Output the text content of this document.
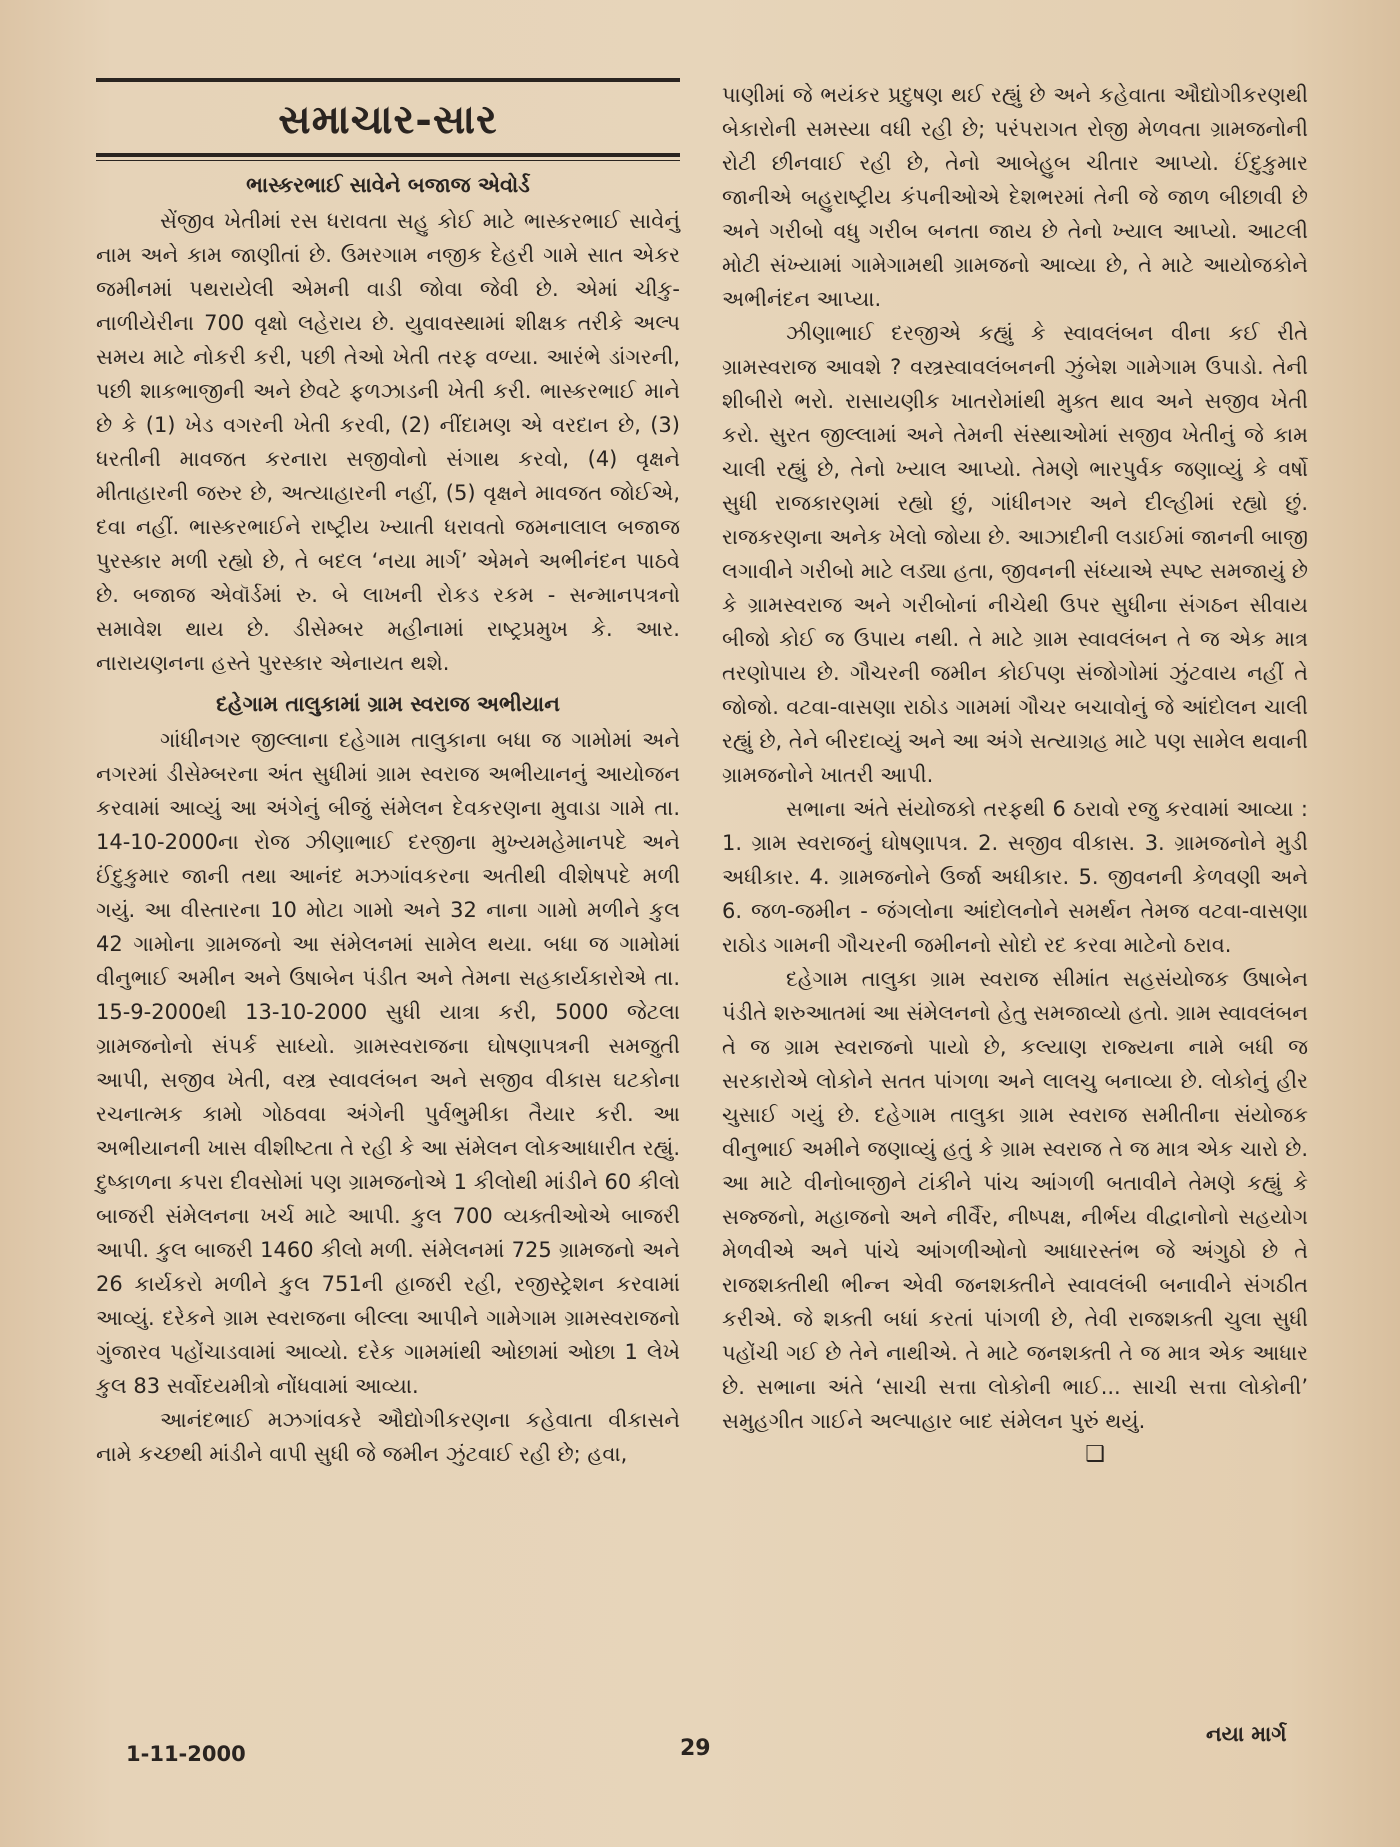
સમાચાર-સાર
ભાસ્કરભાઈ સાવેને બજાજ એવોર્ડ

સેંજીવ ખેતીમાં રસ ધરાવતા સહુ કોઈ માટે ભાસ્કરભાઈ સાવેનું નામ અને કામ જાણીતાં છે. ઉમરગામ નજીક દેહરી ગામે સાત એકર જમીનમાં પથરાયેલી એમની વાડી જોવા જેવી છે. એમાં ચીકુ-નાળીયેરીના 700 વૃક્ષો લહેરાય છે. યુવાવસ્થામાં શીક્ષક તરીકે અલ્પ સમય માટે નોકરી કરી, પછી તેઓ ખેતી તરફ વળ્યા. આરંભે ડાંગરની, પછી શાકભાજીની અને છેવટે ફળઝાડની ખેતી કરી. ભાસ્કરભાઈ માને છે કે (1) ખેડ વગરની ખેતી કરવી, (2) નીંદામણ એ વરદાન છે, (3) ધરતીની માવજત કરનારા સજીવોનો સંગાથ કરવો, (4) વૃક્ષને મીતાહારની જરુર છે, અત્યાહારની નહીં, (5) વૃક્ષને માવજત જોઈએ, દવા નહીં. ભાસ્કરભાઈને રાષ્ટ્રીય ખ્યાતી ધરાવતો જમનાલાલ બજાજ પુરસ્કાર મળી રહ્યો છે, તે બદલ ‘નયા માર્ગ’ એમને અભીનંદન પાઠવે છે. બજાજ એવૉર્ડમાં રુ. બે લાખની રોકડ રકમ - સન્માનપત્રનો સમાવેશ થાય છે. ડીસેમ્બર મહીનામાં રાષ્ટ્રપ્રમુખ કે. આર. નારાયણનના હસ્તે પુરસ્કાર એનાયત થશે.

દહેગામ તાલુકામાં ગ્રામ સ્વરાજ અભીયાન

ગાંધીનગર જીલ્લાના દહેગામ તાલુકાના બધા જ ગામોમાં અને નગરમાં ડીસેમ્બરના અંત સુધીમાં ગ્રામ સ્વરાજ અભીયાનનું આયોજન કરવામાં આવ્યું આ અંગેનું બીજું સંમેલન દેવકરણના મુવાડા ગામે તા. 14-10-2000ના રોજ ઝીણાભાઈ દરજીના મુખ્યમહેમાનપદે અને ઈંદુકુમાર જાની તથા આનંદ મઝગાંવકરના અતીથી વીશેષપદે મળી ગયું. આ વીસ્તારના 10 મોટા ગામો અને 32 નાના ગામો મળીને કુલ 42 ગામોના ગ્રામજનો આ સંમેલનમાં સામેલ થયા. બધા જ ગામોમાં વીનુભાઈ અમીન અને ઉષાબેન પંડીત અને તેમના સહકાર્યકારોએ તા. 15-9-2000થી 13-10-2000 સુધી યાત્રા કરી, 5000 જેટલા ગ્રામજનોનો સંપર્ક સાધ્યો. ગ્રામસ્વરાજના ઘોષણાપત્રની સમજુતી આપી, સજીવ ખેતી, વસ્ત્ર સ્વાવલંબન અને સજીવ વીકાસ ઘટકોના રચનાત્મક કામો ગોઠવવા અંગેની પુર્વભુમીકા તૈયાર કરી. આ અભીયાનની ખાસ વીશીષ્ટતા તે રહી કે આ સંમેલન લોકઆધારીત રહ્યું. દુષ્કાળના કપરા દીવસોમાં પણ ગ્રામજનોએ 1 કીલોથી માંડીને 60 કીલો બાજરી સંમેલનના ખર્ચ માટે આપી. કુલ 700 વ્યક્તીઓએ બાજરી આપી. કુલ બાજરી 1460 કીલો મળી. સંમેલનમાં 725 ગ્રામજનો અને 26 કાર્યકરો મળીને કુલ 751ની હાજરી રહી, રજીસ્ટ્રેશન કરવામાં આવ્યું. દરેકને ગ્રામ સ્વરાજના બીલ્લા આપીને ગામેગામ ગ્રામસ્વરાજનો ગુંજારવ પહોંચાડવામાં આવ્યો. દરેક ગામમાંથી ઓછામાં ઓછા 1 લેખે કુલ 83 સર્વોદયમીત્રો નોંધવામાં આવ્યા.

આનંદભાઈ મઝગાંવકરે ઔદ્યોગીકરણના કહેવાતા વીકાસને નામે કચ્છથી માંડીને વાપી સુધી જે જમીન ઝુંટવાઈ રહી છે; હવા,

પાણીમાં જે ભયંકર પ્રદુષણ થઈ રહ્યું છે અને કહેવાતા ઔદ્યોગીકરણથી બેકારોની સમસ્યા વધી રહી છે; પરંપરાગત રોજી મેળવતા ગ્રામજનોની રોટી છીનવાઈ રહી છે, તેનો આબેહુબ ચીતાર આપ્યો. ઈંદુકુમાર જાનીએ બહુરાષ્ટ્રીય કંપનીઓએ દેશભરમાં તેની જે જાળ બીછાવી છે અને ગરીબો વધુ ગરીબ બનતા જાય છે તેનો ખ્યાલ આપ્યો. આટલી મોટી સંખ્યામાં ગામેગામથી ગ્રામજનો આવ્યા છે, તે માટે આયોજકોને અભીનંદન આપ્યા.

ઝીણાભાઈ દરજીએ કહ્યું કે સ્વાવલંબન વીના કઈ રીતે ગ્રામસ્વરાજ આવશે ? વસ્ત્રસ્વાવલંબનની ઝુંબેશ ગામેગામ ઉપાડો. તેની શીબીરો ભરો. રાસાયણીક ખાતરોમાંથી મુક્ત થાવ અને સજીવ ખેતી કરો. સુરત જીલ્લામાં અને તેમની સંસ્થાઓમાં સજીવ ખેતીનું જે કામ ચાલી રહ્યું છે, તેનો ખ્યાલ આપ્યો. તેમણે ભારપુર્વક જણાવ્યું કે વર્ષો સુધી રાજકારણમાં રહ્યો છું, ગાંધીનગર અને દીલ્હીમાં રહ્યો છું. રાજકરણના અનેક ખેલો જોયા છે. આઝાદીની લડાઈમાં જાનની બાજી લગાવીને ગરીબો માટે લડ્યા હતા, જીવનની સંધ્યાએ સ્પષ્ટ સમજાયું છે કે ગ્રામસ્વરાજ અને ગરીબોનાં નીચેથી ઉપર સુધીના સંગઠન સીવાય બીજો કોઈ જ ઉપાય નથી. તે માટે ગ્રામ સ્વાવલંબન તે જ એક માત્ર તરણોપાય છે. ગૌચરની જમીન કોઈપણ સંજોગોમાં ઝુંટવાય નહીં તે જોજો. વટવા-વાસણા રાઠોડ ગામમાં ગૌચર બચાવોનું જે આંદોલન ચાલી રહ્યું છે, તેને બીરદાવ્યું અને આ અંગે સત્યાગ્રહ માટે પણ સામેલ થવાની ગ્રામજનોને ખાતરી આપી.

સભાના અંતે સંયોજકો તરફથી 6 ઠરાવો રજુ કરવામાં આવ્યા : 1. ગ્રામ સ્વરાજનું ઘોષણાપત્ર. 2. સજીવ વીકાસ. 3. ગ્રામજનોને મુડી અધીકાર. 4. ગ્રામજનોને ઉર્જા અધીકાર. 5. જીવનની કેળવણી અને 6. જળ-જમીન - જંગલોના આંદોલનોને સમર્થન તેમજ વટવા-વાસણા રાઠોડ ગામની ગૌચરની જમીનનો સોદો રદ કરવા માટેનો ઠરાવ.

દહેગામ તાલુકા ગ્રામ સ્વરાજ સીમાંત સહસંયોજક ઉષાબેન પંડીતે શરુઆતમાં આ સંમેલનનો હેતુ સમજાવ્યો હતો. ગ્રામ સ્વાવલંબન તે જ ગ્રામ સ્વરાજનો પાયો છે, કલ્યાણ રાજ્યના નામે બધી જ સરકારોએ લોકોને સતત પાંગળા અને લાલચુ બનાવ્યા છે. લોકોનું હીર ચુસાઈ ગયું છે. દહેગામ તાલુકા ગ્રામ સ્વરાજ સમીતીના સંયોજક વીનુભાઈ અમીને જણાવ્યું હતું કે ગ્રામ સ્વરાજ તે જ માત્ર એક ચારો છે. આ માટે વીનોબાજીને ટાંકીને પાંચ આંગળી બતાવીને તેમણે કહ્યું કે સજ્જનો, મહાજનો અને નીર્વૈર, નીષ્પક્ષ, નીર્ભય વીદ્વાનોનો સહયોગ મેળવીએ અને પાંચે આંગળીઓનો આધારસ્તંભ જે અંગુઠો છે તે રાજશક્તીથી ભીન્ન એવી જનશક્તીને સ્વાવલંબી બનાવીને સંગઠીત કરીએ. જે શક્તી બધાં કરતાં પાંગળી છે, તેવી રાજશક્તી ચુલા સુધી પહોંચી ગઈ છે તેને નાથીએ. તે માટે જનશક્તી તે જ માત્ર એક આધાર છે. સભાના અંતે ‘સાચી સત્તા લોકોની ભાઈ... સાચી સત્તા લોકોની’ સમુહગીત ગાઈને અલ્પાહાર બાદ સંમેલન પુરું થયું.

❑
1-11-2000	29
નયા માર્ગ
